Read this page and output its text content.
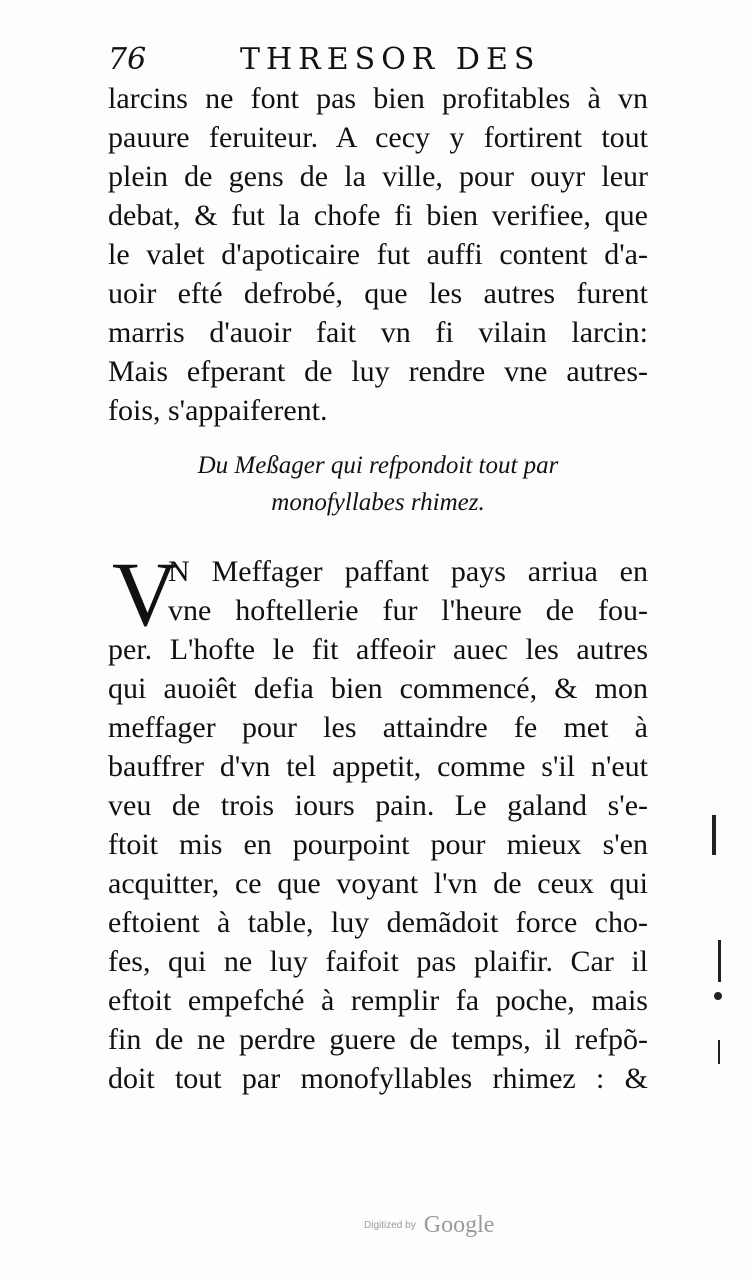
76	THRESOR DES
larcins ne font pas bien profitables à vn
pauure feruiteur. A cecy y fortirent tout
plein de gens de la ville, pour ouyr leur
debat, & fut la chofe fi bien verifiee, que
le valet d'apoticaire fut auffi content d'a-
uoir efté defrobé, que les autres furent
marris d'auoir fait vn fi vilain larcin:
Mais efperant de luy rendre vne autres-
fois, s'appaiferent.
Du Meßager qui refpondoit tout par
monofyllabes rhimez.
V
N Meffager paffant pays arriua en
vne hoftellerie fur l'heure de fou-
per. L'hofte le fit affeoir auec les autres
qui auoiêt defia bien commencé, & mon
meffager pour les attaindre fe met à
bauffrer d'vn tel appetit, comme s'il n'eut
veu de trois iours pain. Le galand s'e-
ftoit mis en pourpoint pour mieux s'en
acquitter, ce que voyant l'vn de ceux qui
eftoient à table, luy demãdoit force cho-
fes, qui ne luy faifoit pas plaifir. Car il
eftoit empefché à remplir fa poche, mais
fin de ne perdre guere de temps, il refpõ-
doit tout par monofyllables rhimez : &
Digitized by Google
